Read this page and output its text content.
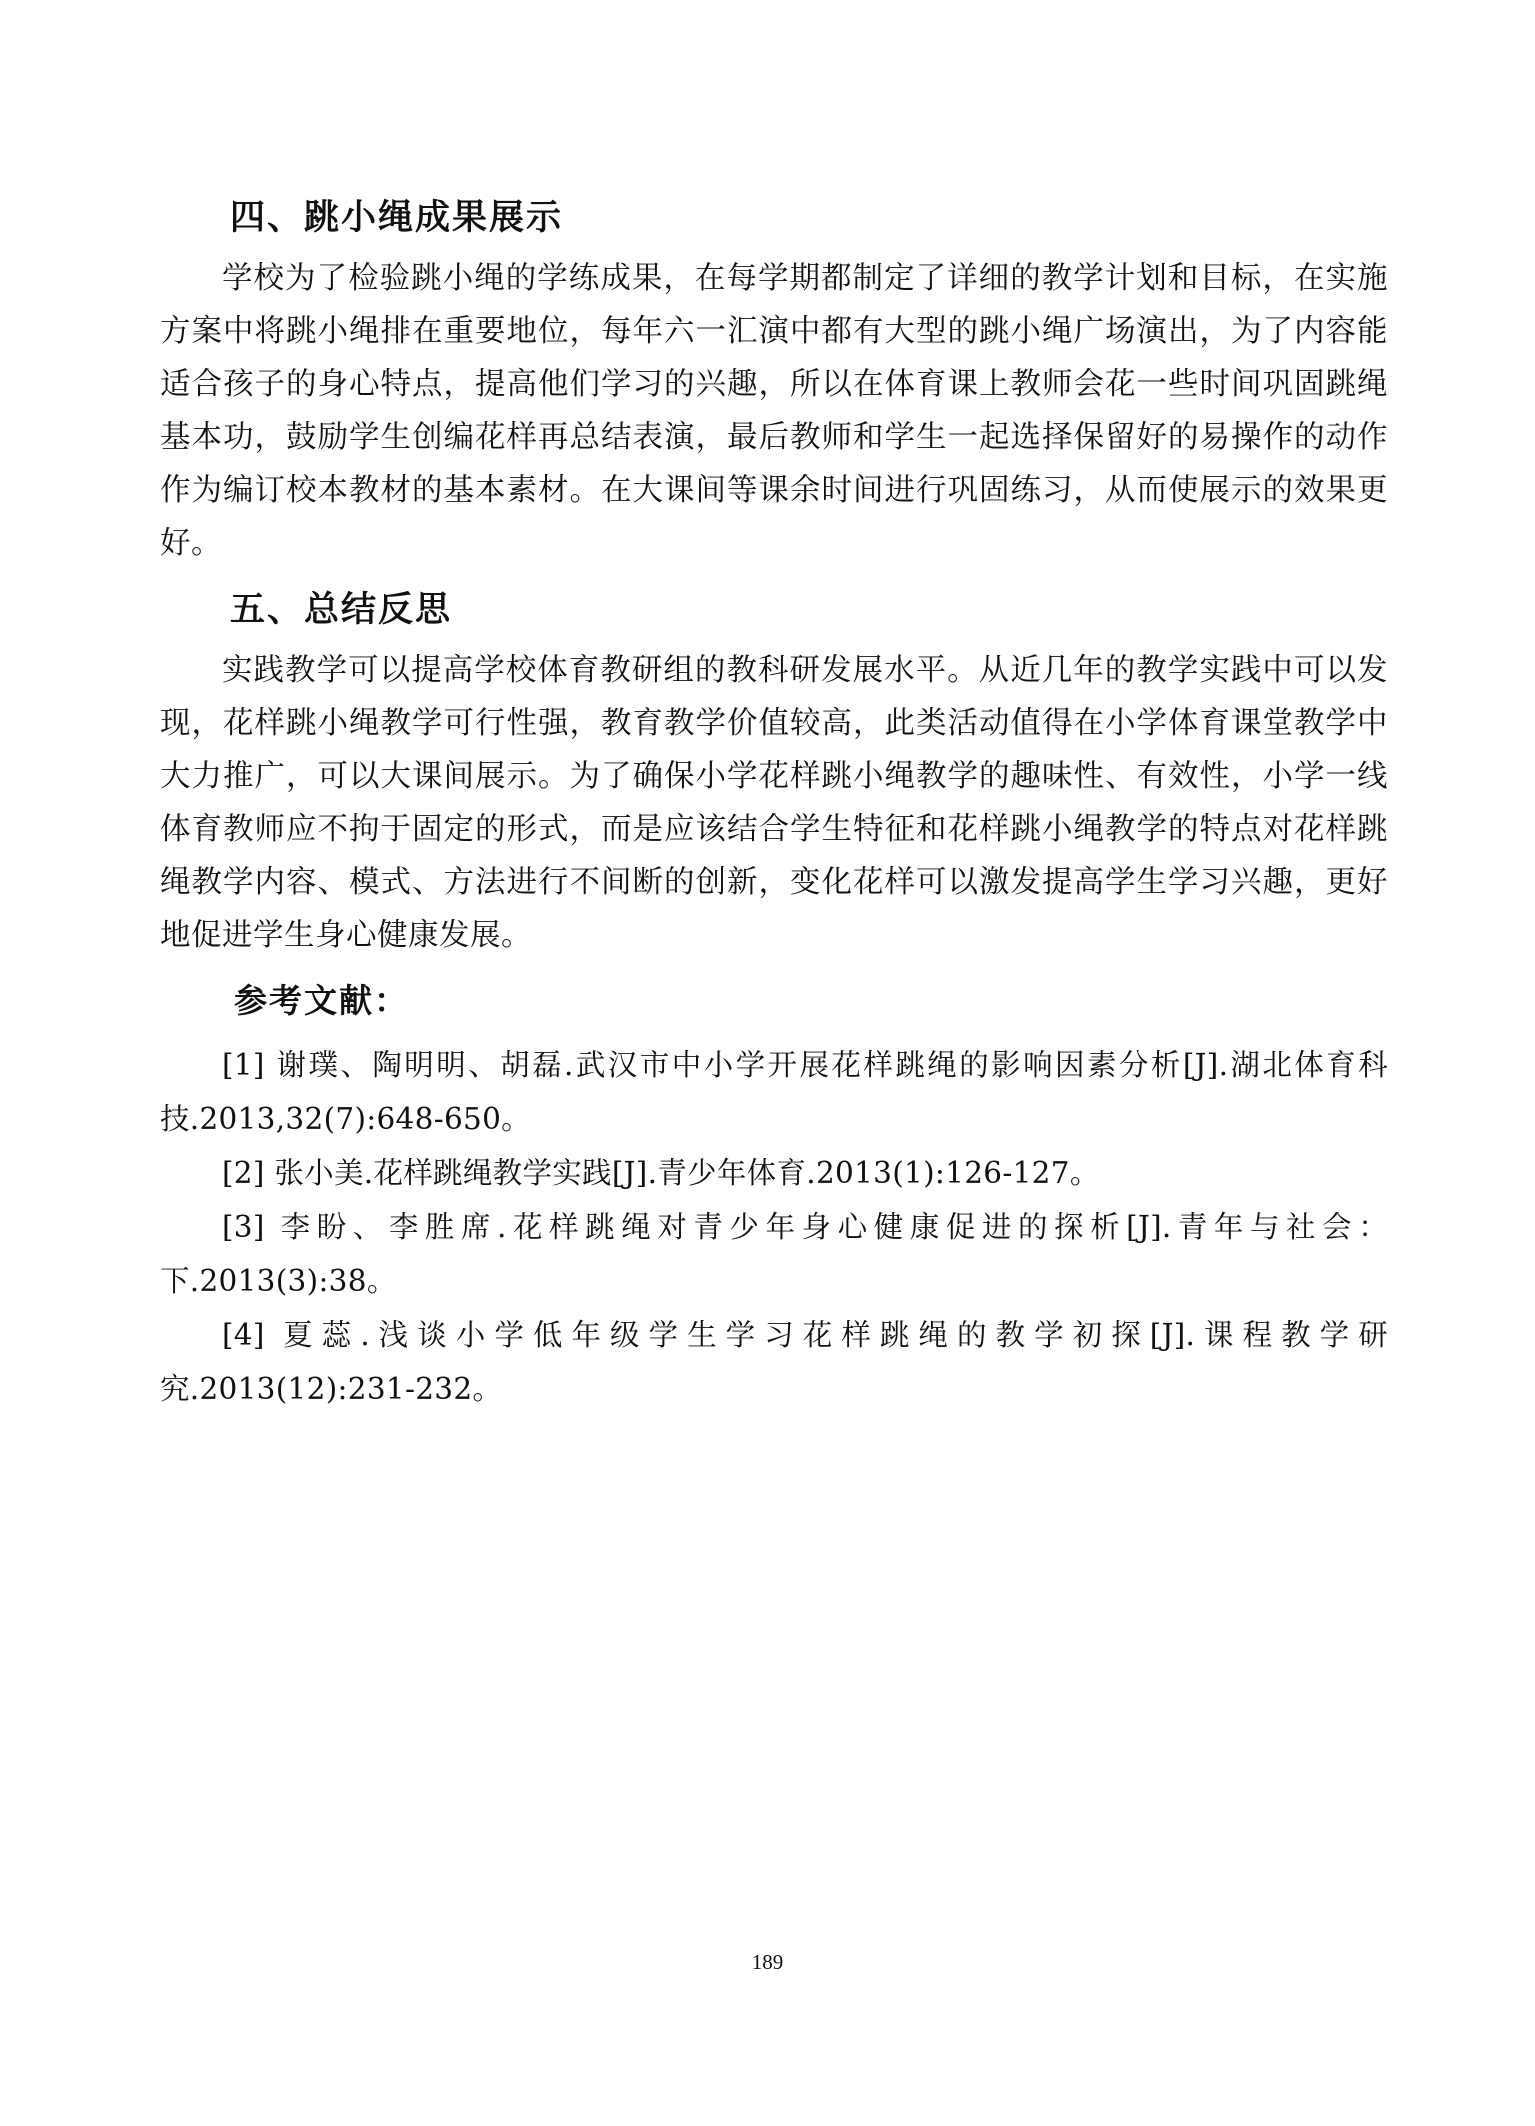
四、跳小绳成果展示

学校为了检验跳小绳的学练成果，在每学期都制定了详细的教学计划和目标，在实施方案中将跳小绳排在重要地位，每年六一汇演中都有大型的跳小绳广场演出，为了内容能适合孩子的身心特点，提高他们学习的兴趣，所以在体育课上教师会花一些时间巩固跳绳基本功，鼓励学生创编花样再总结表演，最后教师和学生一起选择保留好的易操作的动作作为编订校本教材的基本素材。在大课间等课余时间进行巩固练习，从而使展示的效果更好。

五、总结反思

实践教学可以提高学校体育教研组的教科研发展水平。从近几年的教学实践中可以发现，花样跳小绳教学可行性强，教育教学价值较高，此类活动值得在小学体育课堂教学中大力推广，可以大课间展示。为了确保小学花样跳小绳教学的趣味性、有效性，小学一线体育教师应不拘于固定的形式，而是应该结合学生特征和花样跳小绳教学的特点对花样跳绳教学内容、模式、方法进行不间断的创新，变化花样可以激发提高学生学习兴趣，更好地促进学生身心健康发展。

参考文献：

[1] 谢璞、陶明明、胡磊.武汉市中小学开展花样跳绳的影响因素分析[J].湖北体育科技.2013,32(7):648-650。

[2] 张小美.花样跳绳教学实践[J].青少年体育.2013(1):126-127。

[3] 李盼、李胜席.花样跳绳对青少年身心健康促进的探析[J].青年与社会：下.2013(3):38。

[4] 夏蕊.浅谈小学低年级学生学习花样跳绳的教学初探[J].课程教学研究.2013(12):231-232。

189
